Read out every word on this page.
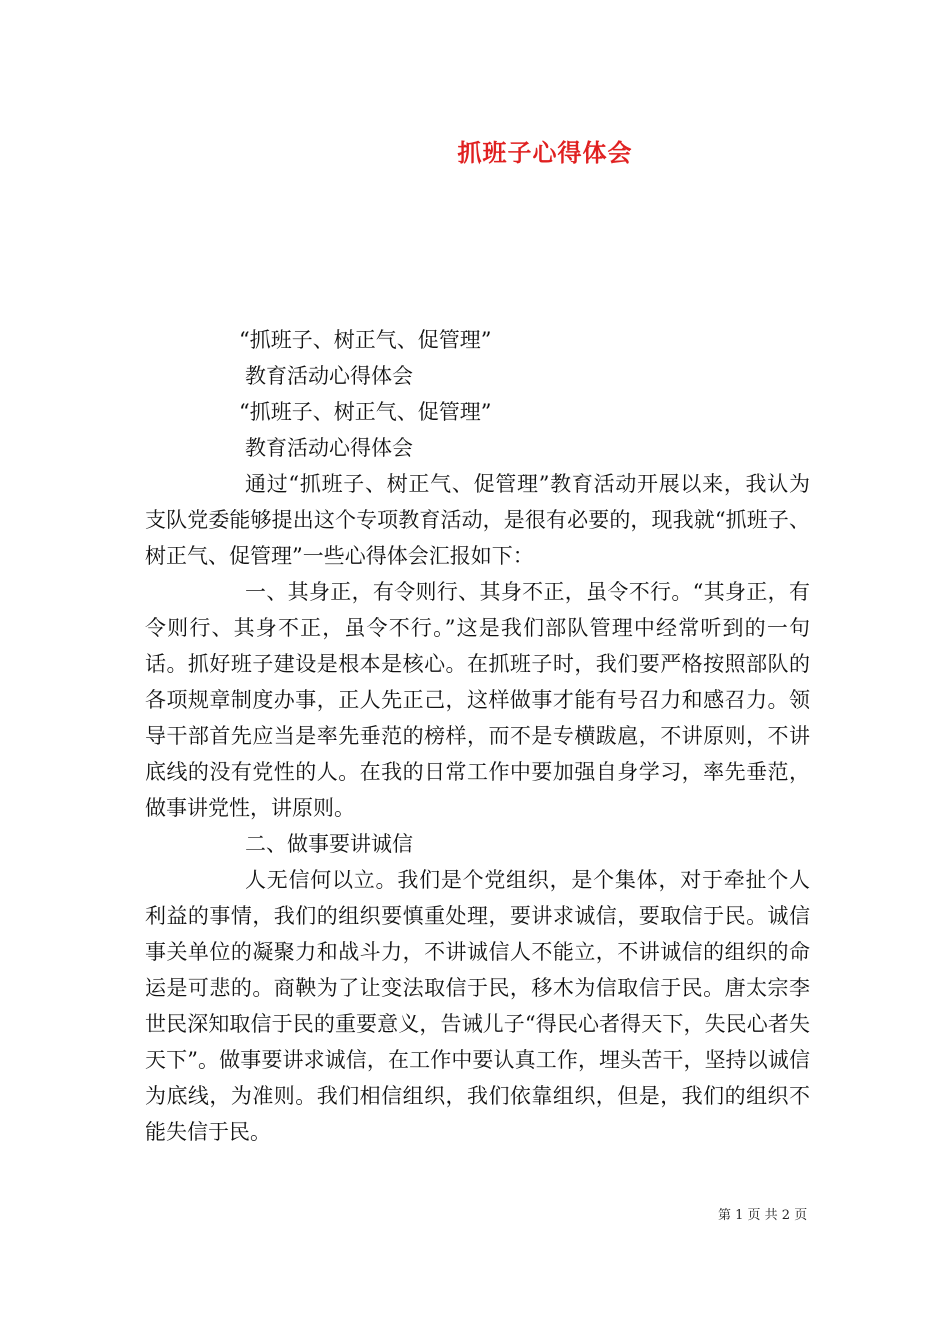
抓班子心得体会

“抓班子、树正气、促管理”

教育活动心得体会

“抓班子、树正气、促管理”

教育活动心得体会

通过“抓班子、树正气、促管理”教育活动开展以来，我认为支队党委能够提出这个专项教育活动，是很有必要的，现我就“抓班子、树正气、促管理”一些心得体会汇报如下：

一、其身正，有令则行、其身不正，虽令不行。“其身正，有令则行、其身不正，虽令不行。”这是我们部队管理中经常听到的一句话。抓好班子建设是根本是核心。在抓班子时，我们要严格按照部队的各项规章制度办事，正人先正己，这样做事才能有号召力和感召力。领导干部首先应当是率先垂范的榜样，而不是专横跋扈，不讲原则，不讲底线的没有党性的人。在我的日常工作中要加强自身学习，率先垂范，做事讲党性，讲原则。

二、做事要讲诚信

人无信何以立。我们是个党组织，是个集体，对于牵扯个人利益的事情，我们的组织要慎重处理，要讲求诚信，要取信于民。诚信事关单位的凝聚力和战斗力，不讲诚信人不能立，不讲诚信的组织的命运是可悲的。商鞅为了让变法取信于民，移木为信取信于民。唐太宗李世民深知取信于民的重要意义，告诫儿子“得民心者得天下，失民心者失天下”。做事要讲求诚信，在工作中要认真工作，埋头苦干，坚持以诚信为底线，为准则。我们相信组织，我们依靠组织，但是，我们的组织不能失信于民。

第 1 页 共 2 页
